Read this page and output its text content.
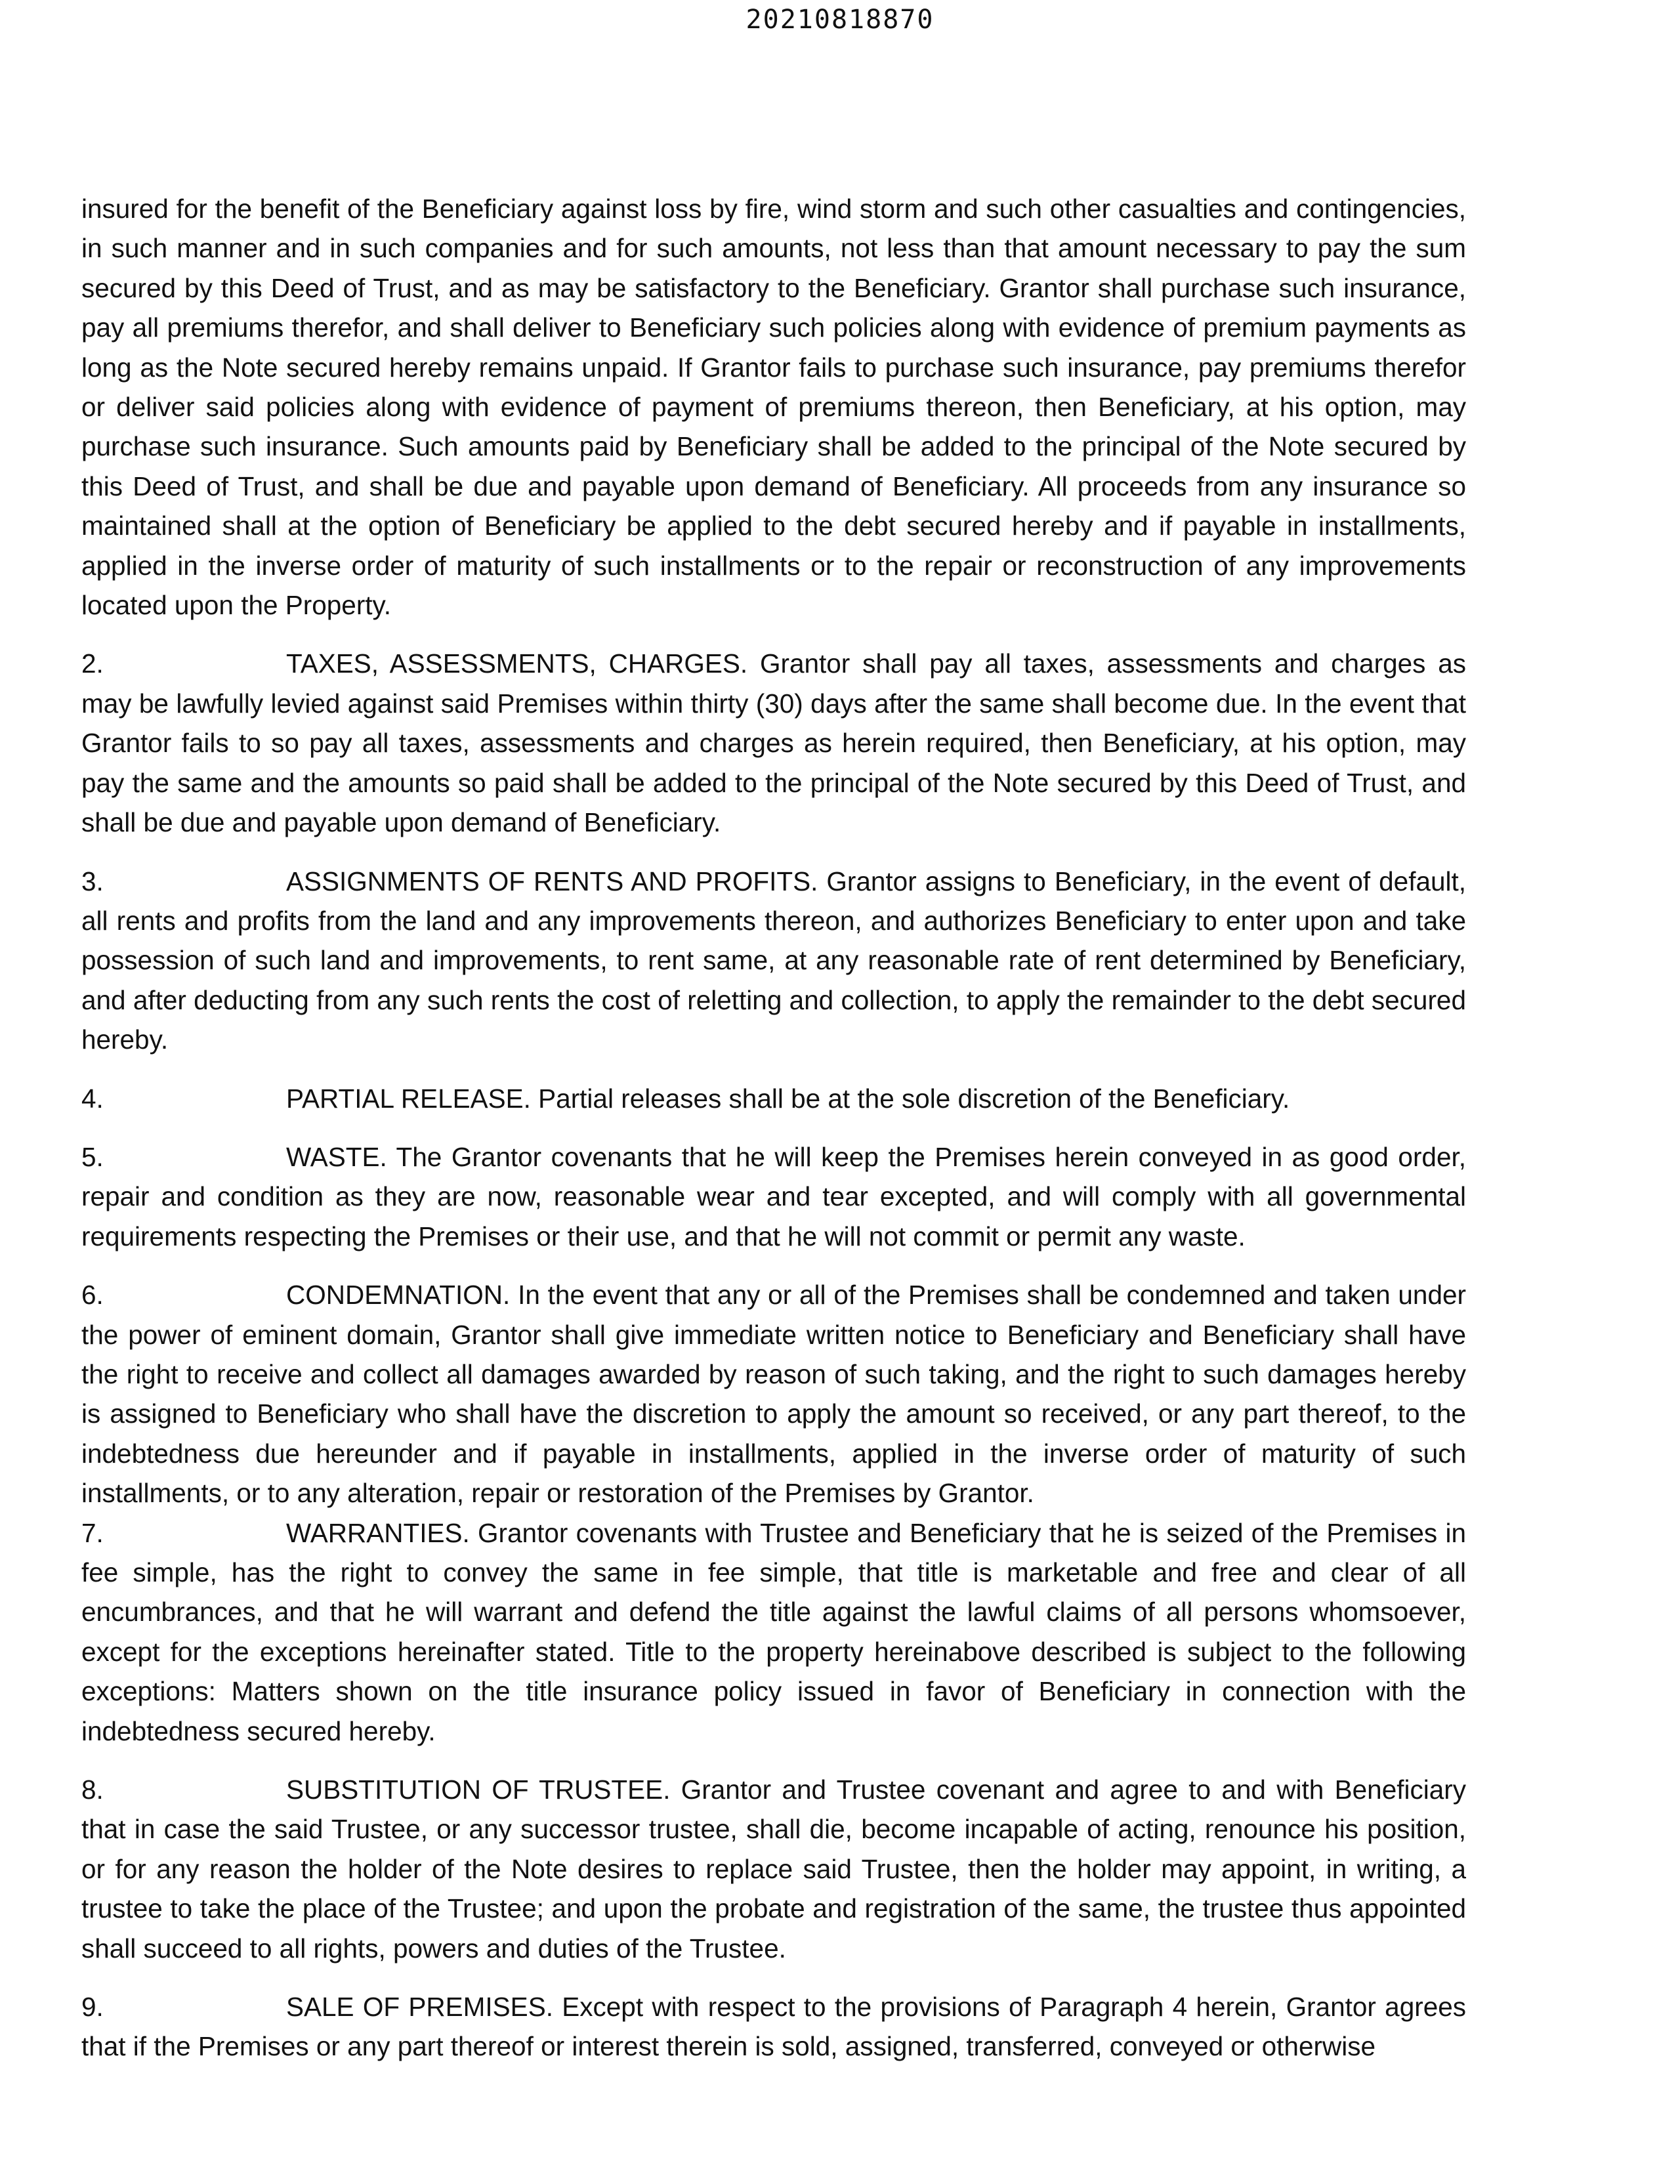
20210818870

insured for the benefit of the Beneficiary against loss by fire, wind storm and such other casualties and contingencies, in such manner and in such companies and for such amounts, not less than that amount necessary to pay the sum secured by this Deed of Trust, and as may be satisfactory to the Beneficiary. Grantor shall purchase such insurance, pay all premiums therefor, and shall deliver to Beneficiary such policies along with evidence of premium payments as long as the Note secured hereby remains unpaid. If Grantor fails to purchase such insurance, pay premiums therefor or deliver said policies along with evidence of payment of premiums thereon, then Beneficiary, at his option, may purchase such insurance. Such amounts paid by Beneficiary shall be added to the principal of the Note secured by this Deed of Trust, and shall be due and payable upon demand of Beneficiary. All proceeds from any insurance so maintained shall at the option of Beneficiary be applied to the debt secured hereby and if payable in installments, applied in the inverse order of maturity of such installments or to the repair or reconstruction of any improvements located upon the Property.

2.	TAXES, ASSESSMENTS, CHARGES. Grantor shall pay all taxes, assessments and charges as may be lawfully levied against said Premises within thirty (30) days after the same shall become due. In the event that Grantor fails to so pay all taxes, assessments and charges as herein required, then Beneficiary, at his option, may pay the same and the amounts so paid shall be added to the principal of the Note secured by this Deed of Trust, and shall be due and payable upon demand of Beneficiary.

3.	ASSIGNMENTS OF RENTS AND PROFITS. Grantor assigns to Beneficiary, in the event of default, all rents and profits from the land and any improvements thereon, and authorizes Beneficiary to enter upon and take possession of such land and improvements, to rent same, at any reasonable rate of rent determined by Beneficiary, and after deducting from any such rents the cost of reletting and collection, to apply the remainder to the debt secured hereby.

4.	PARTIAL RELEASE. Partial releases shall be at the sole discretion of the Beneficiary.

5.	WASTE. The Grantor covenants that he will keep the Premises herein conveyed in as good order, repair and condition as they are now, reasonable wear and tear excepted, and will comply with all governmental requirements respecting the Premises or their use, and that he will not commit or permit any waste.

6.	CONDEMNATION. In the event that any or all of the Premises shall be condemned and taken under the power of eminent domain, Grantor shall give immediate written notice to Beneficiary and Beneficiary shall have the right to receive and collect all damages awarded by reason of such taking, and the right to such damages hereby is assigned to Beneficiary who shall have the discretion to apply the amount so received, or any part thereof, to the indebtedness due hereunder and if payable in installments, applied in the inverse order of maturity of such installments, or to any alteration, repair or restoration of the Premises by Grantor.

7.	WARRANTIES. Grantor covenants with Trustee and Beneficiary that he is seized of the Premises in fee simple, has the right to convey the same in fee simple, that title is marketable and free and clear of all encumbrances, and that he will warrant and defend the title against the lawful claims of all persons whomsoever, except for the exceptions hereinafter stated. Title to the property hereinabove described is subject to the following exceptions: Matters shown on the title insurance policy issued in favor of Beneficiary in connection with the indebtedness secured hereby.

8.	SUBSTITUTION OF TRUSTEE. Grantor and Trustee covenant and agree to and with Beneficiary that in case the said Trustee, or any successor trustee, shall die, become incapable of acting, renounce his position, or for any reason the holder of the Note desires to replace said Trustee, then the holder may appoint, in writing, a trustee to take the place of the Trustee; and upon the probate and registration of the same, the trustee thus appointed shall succeed to all rights, powers and duties of the Trustee.

9.	SALE OF PREMISES. Except with respect to the provisions of Paragraph 4 herein, Grantor agrees that if the Premises or any part thereof or interest therein is sold, assigned, transferred, conveyed or otherwise
